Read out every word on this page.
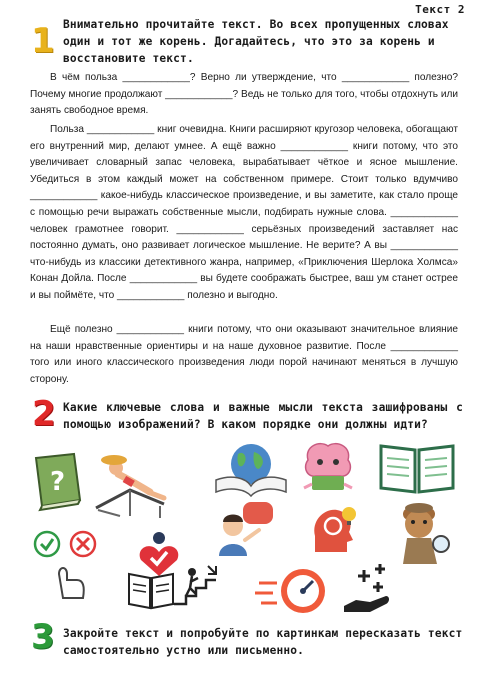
Текст 2
1 Внимательно прочитайте текст. Во всех пропущенных словах один и тот же корень. Догадайтесь, что это за корень и восстановите текст.
В чём польза ____________? Верно ли утверждение, что ____________ полезно? Почему многие продолжают ____________? Ведь не только для того, чтобы отдохнуть или занять свободное время.
Польза ____________ книг очевидна. Книги расширяют кругозор человека, обогащают его внутренний мир, делают умнее. А ещё важно ____________ книги потому, что это увеличивает словарный запас человека, вырабатывает чёткое и ясное мышление. Убедиться в этом каждый может на собственном примере. Стоит только вдумчиво ____________ какое-нибудь классическое произведение, и вы заметите, как стало проще с помощью речи выражать собственные мысли, подбирать нужные слова. ____________ человек грамотнее говорит. ____________ серьёзных произведений заставляет нас постоянно думать, оно развивает логическое мышление. Не верите? А вы ____________ что-нибудь из классики детективного жанра, например, «Приключения Шерлока Холмса» Конан Дойла. После ____________ вы будете соображать быстрее, ваш ум станет острее и вы поймёте, что ____________ полезно и выгодно.
Ещё полезно ____________ книги потому, что они оказывают значительное влияние на наши нравственные ориентиры и на наше духовное развитие. После ____________ того или иного классического произведения люди порой начинают меняться в лучшую сторону.
2 Какие ключевые слова и важные мысли текста зашифрованы с помощью изображений? В каком порядке они должны идти?
?
3 Закройте текст и попробуйте по картинкам пересказать текст самостоятельно устно или письменно.
